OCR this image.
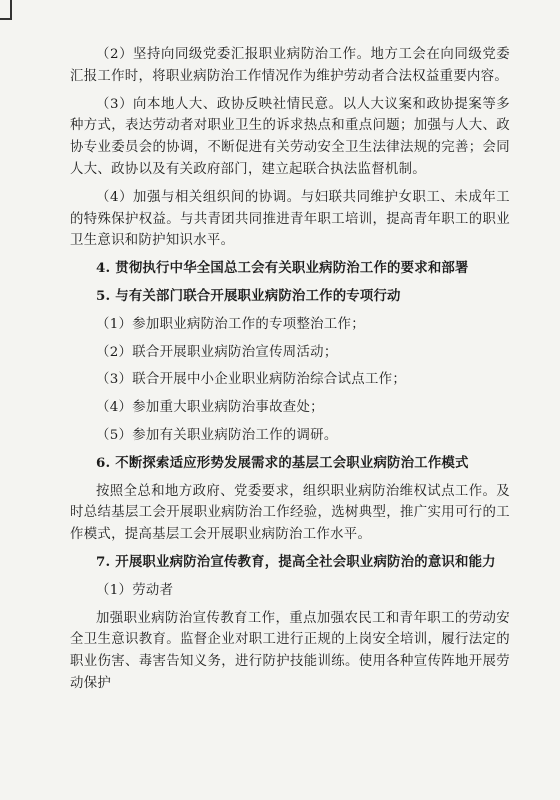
（2）坚持向同级党委汇报职业病防治工作。地方工会在向同级党委汇报工作时，将职业病防治工作情况作为维护劳动者合法权益重要内容。

（3）向本地人大、政协反映社情民意。以人大议案和政协提案等多种方式，表达劳动者对职业卫生的诉求热点和重点问题；加强与人大、政协专业委员会的协调，不断促进有关劳动安全卫生法律法规的完善；会同人大、政协以及有关政府部门，建立起联合执法监督机制。

（4）加强与相关组织间的协调。与妇联共同维护女职工、未成年工的特殊保护权益。与共青团共同推进青年职工培训，提高青年职工的职业卫生意识和防护知识水平。

4. 贯彻执行中华全国总工会有关职业病防治工作的要求和部署

5. 与有关部门联合开展职业病防治工作的专项行动

（1）参加职业病防治工作的专项整治工作；

（2）联合开展职业病防治宣传周活动；

（3）联合开展中小企业职业病防治综合试点工作；

（4）参加重大职业病防治事故查处；

（5）参加有关职业病防治工作的调研。

6. 不断探索适应形势发展需求的基层工会职业病防治工作模式

按照全总和地方政府、党委要求，组织职业病防治维权试点工作。及时总结基层工会开展职业病防治工作经验，选树典型，推广实用可行的工作模式，提高基层工会开展职业病防治工作水平。

7. 开展职业病防治宣传教育，提高全社会职业病防治的意识和能力

（1）劳动者

加强职业病防治宣传教育工作，重点加强农民工和青年职工的劳动安全卫生意识教育。监督企业对职工进行正规的上岗安全培训，履行法定的职业伤害、毒害告知义务，进行防护技能训练。使用各种宣传阵地开展劳动保护
